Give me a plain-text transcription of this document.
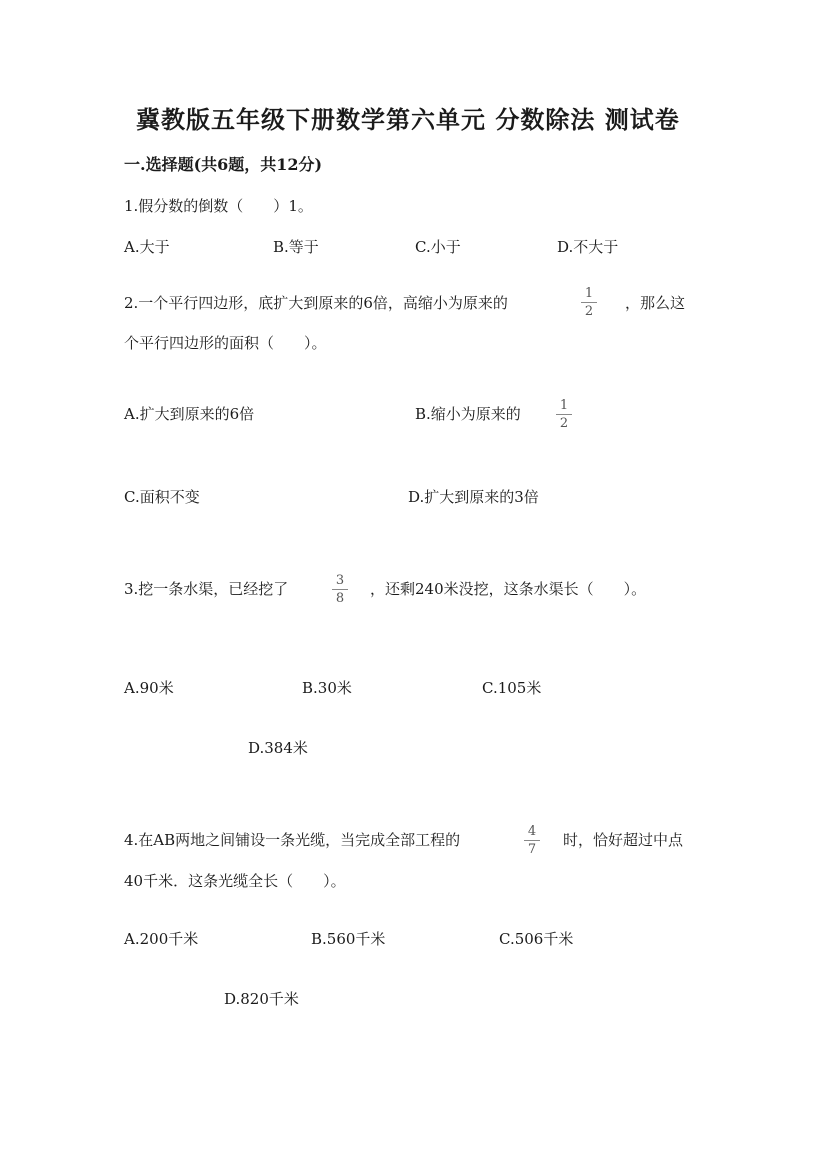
冀教版五年级下册数学第六单元 分数除法 测试卷
一.选择题(共6题，共12分)
1.假分数的倒数（　　）1。
A.大于	B.等于	C.小于	D.不大于
2.一个平行四边形，底扩大到原来的6倍，高缩小为原来的
1
2	，那么这
个平行四边形的面积（　　）。
A.扩大到原来的6倍	B.缩小为原来的	1
2
C.面积不变	D.扩大到原来的3倍
3.挖一条水渠，已经挖了	3
8
，还剩240米没挖，这条水渠长（　　）。
A.90米	B.30米	C.105米
D.384米
4.在AB两地之间铺设一条光缆，当完成全部工程的	4
7
时，恰好超过中点
40千米．这条光缆全长（　　）。
A.200千米	B.560千米	C.506千米
D.820千米
